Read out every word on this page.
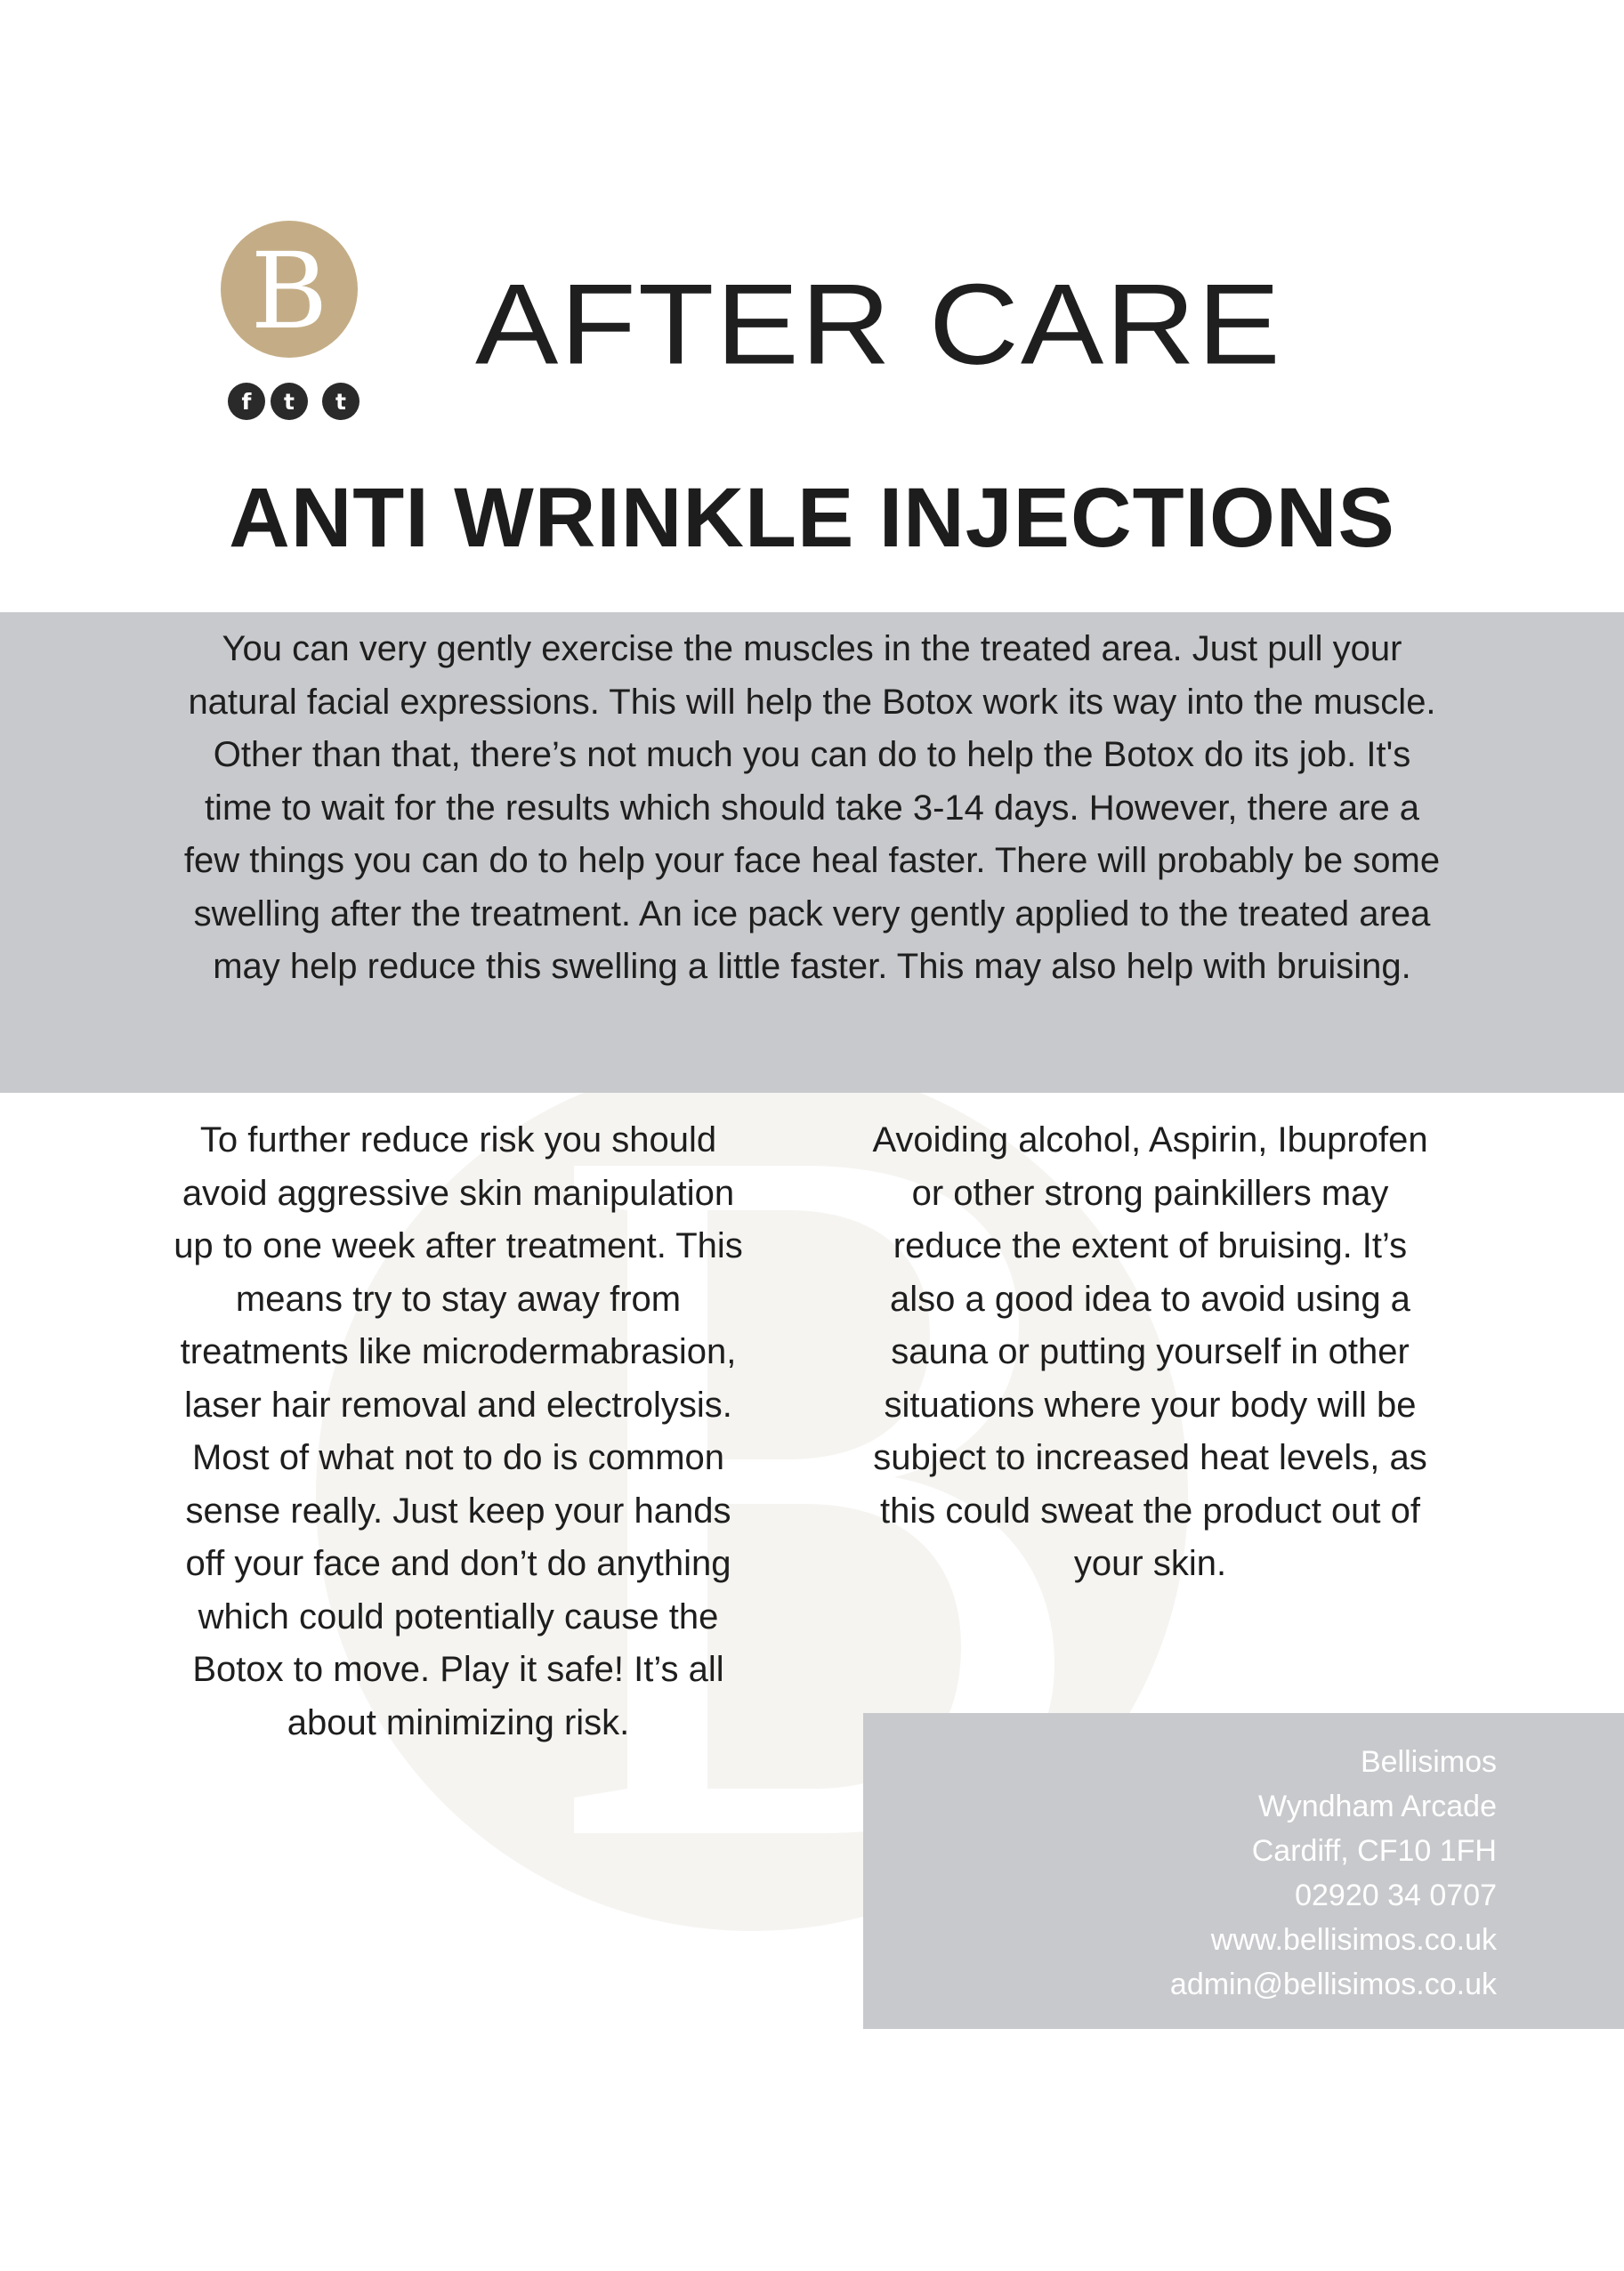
B
f	t	t
AFTER CARE
ANTI WRINKLE INJECTIONS
You can very gently exercise the muscles in the treated area. Just pull your natural facial expressions. This will help the Botox work its way into the muscle. Other than that, there’s not much you can do to help the Botox do its job. It's time to wait for the results which should take 3-14 days. However, there are a few things you can do to help your face heal faster. There will probably be some swelling after the treatment. An ice pack very gently applied to the treated area may help reduce this swelling a little faster. This may also help with bruising.
To further reduce risk you should avoid aggressive skin manipulation up to one week after treatment. This means try to stay away from treatments like microdermabrasion, laser hair removal and electrolysis. Most of what not to do is common sense really. Just keep your hands off your face and don’t do anything which could potentially cause the Botox to move. Play it safe! It’s all about minimizing risk.
Avoiding alcohol, Aspirin, Ibuprofen or other strong painkillers may reduce the extent of bruising. It’s also a good idea to avoid using a sauna or putting yourself in other situations where your body will be subject to increased heat levels, as this could sweat the product out of your skin.
Bellisimos
Wyndham Arcade
Cardiff, CF10 1FH
02920 34 0707
www.bellisimos.co.uk
admin@bellisimos.co.uk
